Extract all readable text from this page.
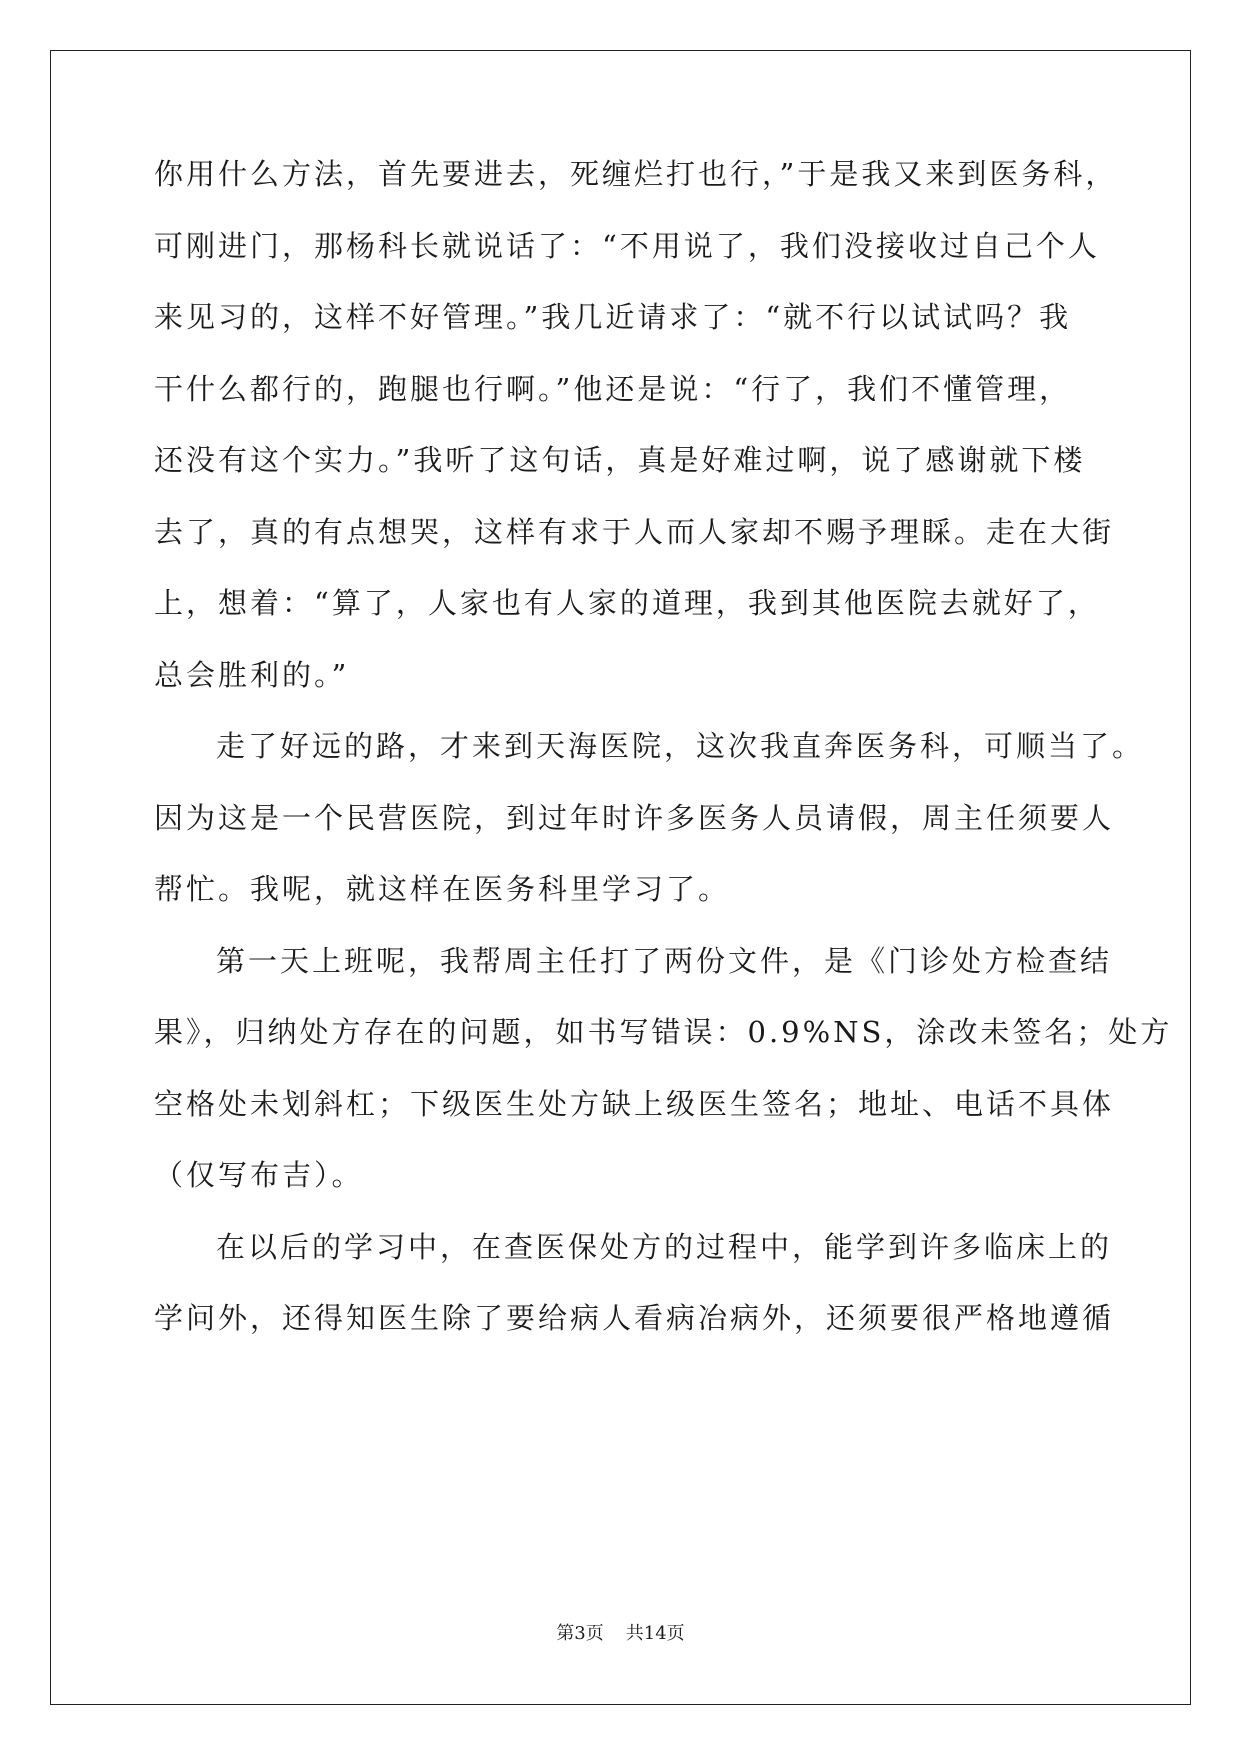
你用什么方法，首先要进去，死缠烂打也行，”于是我又来到医务科，
可刚进门，那杨科长就说话了：“不用说了，我们没接收过自己个人
来见习的，这样不好管理。”我几近请求了：“就不行以试试吗？我
干什么都行的，跑腿也行啊。”他还是说：“行了，我们不懂管理，
还没有这个实力。”我听了这句话，真是好难过啊，说了感谢就下楼
去了，真的有点想哭，这样有求于人而人家却不赐予理睬。走在大街
上，想着：“算了，人家也有人家的道理，我到其他医院去就好了，
总会胜利的。”
走了好远的路，才来到天海医院，这次我直奔医务科，可顺当了。
因为这是一个民营医院，到过年时许多医务人员请假，周主任须要人
帮忙。我呢，就这样在医务科里学习了。
第一天上班呢，我帮周主任打了两份文件，是《门诊处方检查结
果》，归纳处方存在的问题，如书写错误：0.9%NS，涂改未签名；处方
空格处未划斜杠；下级医生处方缺上级医生签名；地址、电话不具体
（仅写布吉）。
在以后的学习中，在查医保处方的过程中，能学到许多临床上的
学问外，还得知医生除了要给病人看病冶病外，还须要很严格地遵循
第3页 共14页
